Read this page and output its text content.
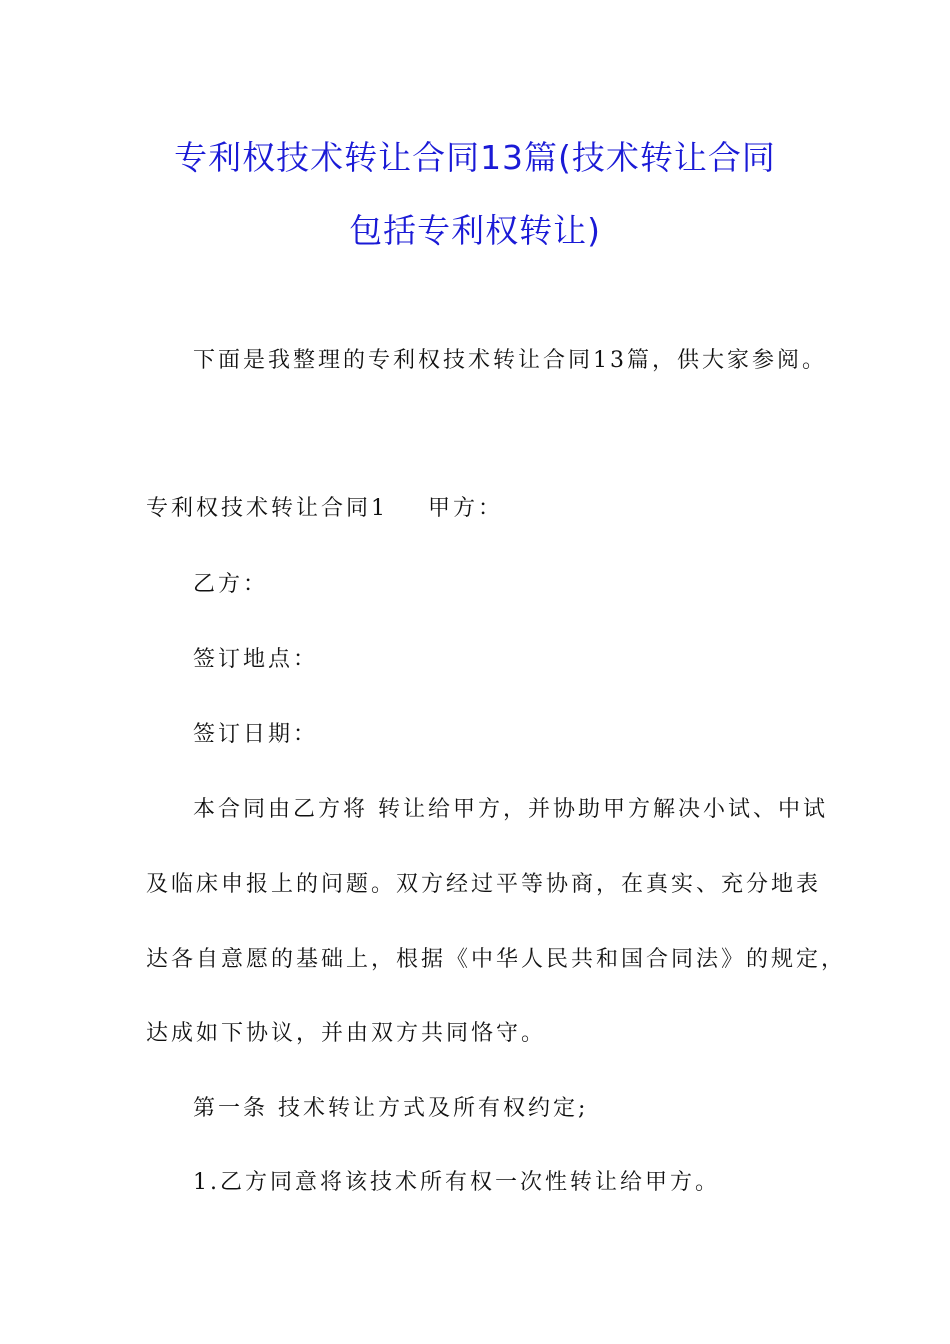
专利权技术转让合同13篇(技术转让合同
包括专利权转让)
下面是我整理的专利权技术转让合同13篇，供大家参阅。
专利权技术转让合同1 甲方：
乙方：
签订地点：
签订日期：
本合同由乙方将 转让给甲方，并协助甲方解决小试、中试
及临床申报上的问题。双方经过平等协商，在真实、充分地表
达各自意愿的基础上，根据《中华人民共和国合同法》的规定，
达成如下协议，并由双方共同恪守。
第一条 技术转让方式及所有权约定;
1.乙方同意将该技术所有权一次性转让给甲方。
